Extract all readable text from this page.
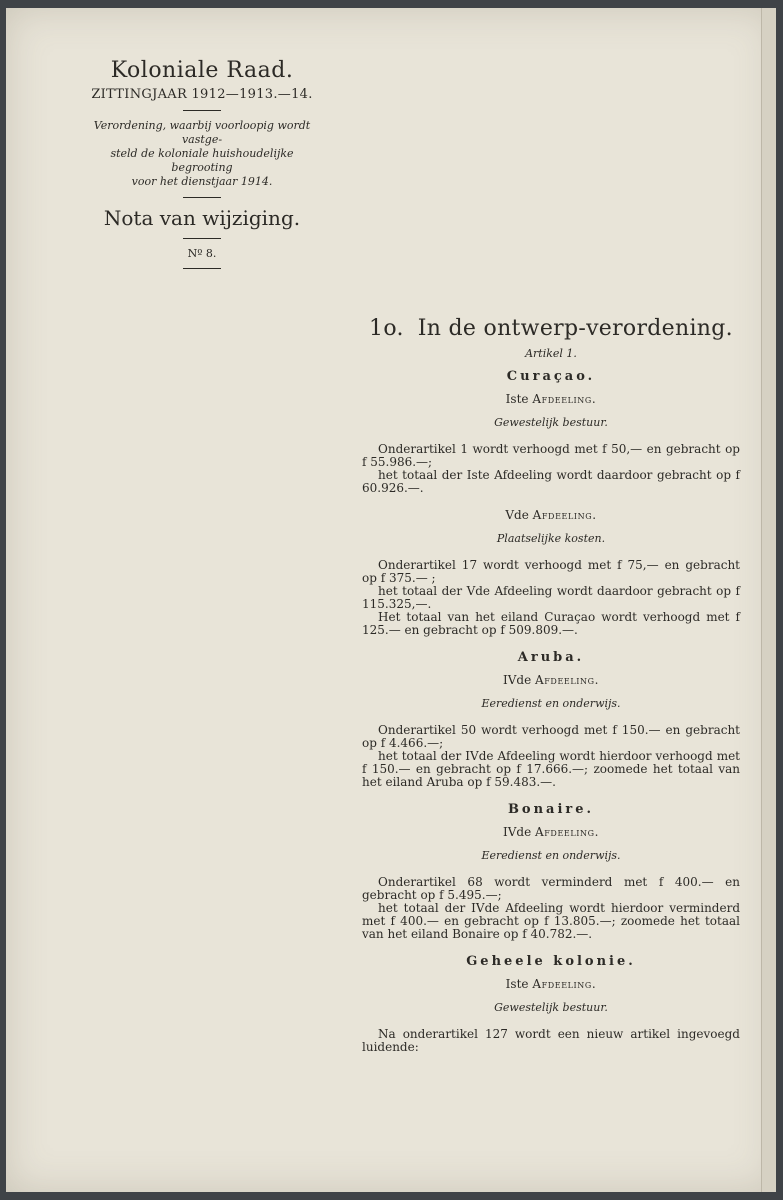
Koloniale Raad.

ZITTINGJAAR 1912—1913.—14.

Verordening, waarbij voorloopig wordt vastge-
steld de koloniale huishoudelijke begrooting
voor het dienstjaar 1914.

Nota van wijziging.

Nº 8.

1o. In de ontwerp-verordening.

Artikel 1.

Curaçao.

Iste Afdeeling.

Gewestelijk bestuur.

Onderartikel 1 wordt verhoogd met f 50,— en gebracht op f 55.986.—;

het totaal der Iste Afdeeling wordt daardoor gebracht op f 60.926.—.

Vde Afdeeling.

Plaatselijke kosten.

Onderartikel 17 wordt verhoogd met f 75,— en gebracht op f 375.— ;

het totaal der Vde Afdeeling wordt daardoor gebracht op f 115.325,—.

Het totaal van het eiland Curaçao wordt verhoogd met f 125.— en gebracht op f 509.809.—.

Aruba.

IVde Afdeeling.

Eeredienst en onderwijs.

Onderartikel 50 wordt verhoogd met f 150.— en gebracht op f 4.466.—;

het totaal der IVde Afdeeling wordt hierdoor verhoogd met f 150.— en gebracht op f 17.666.—; zoomede het totaal van het eiland Aruba op f 59.483.—.

Bonaire.

IVde Afdeeling.

Eeredienst en onderwijs.

Onderartikel 68 wordt verminderd met f 400.— en gebracht op f 5.495.—;

het totaal der IVde Afdeeling wordt hierdoor verminderd met f 400.— en gebracht op f 13.805.—; zoomede het totaal van het eiland Bonaire op f 40.782.—.

Geheele kolonie.

Iste Afdeeling.

Gewestelijk bestuur.

Na onderartikel 127 wordt een nieuw artikel ingevoegd luidende:
